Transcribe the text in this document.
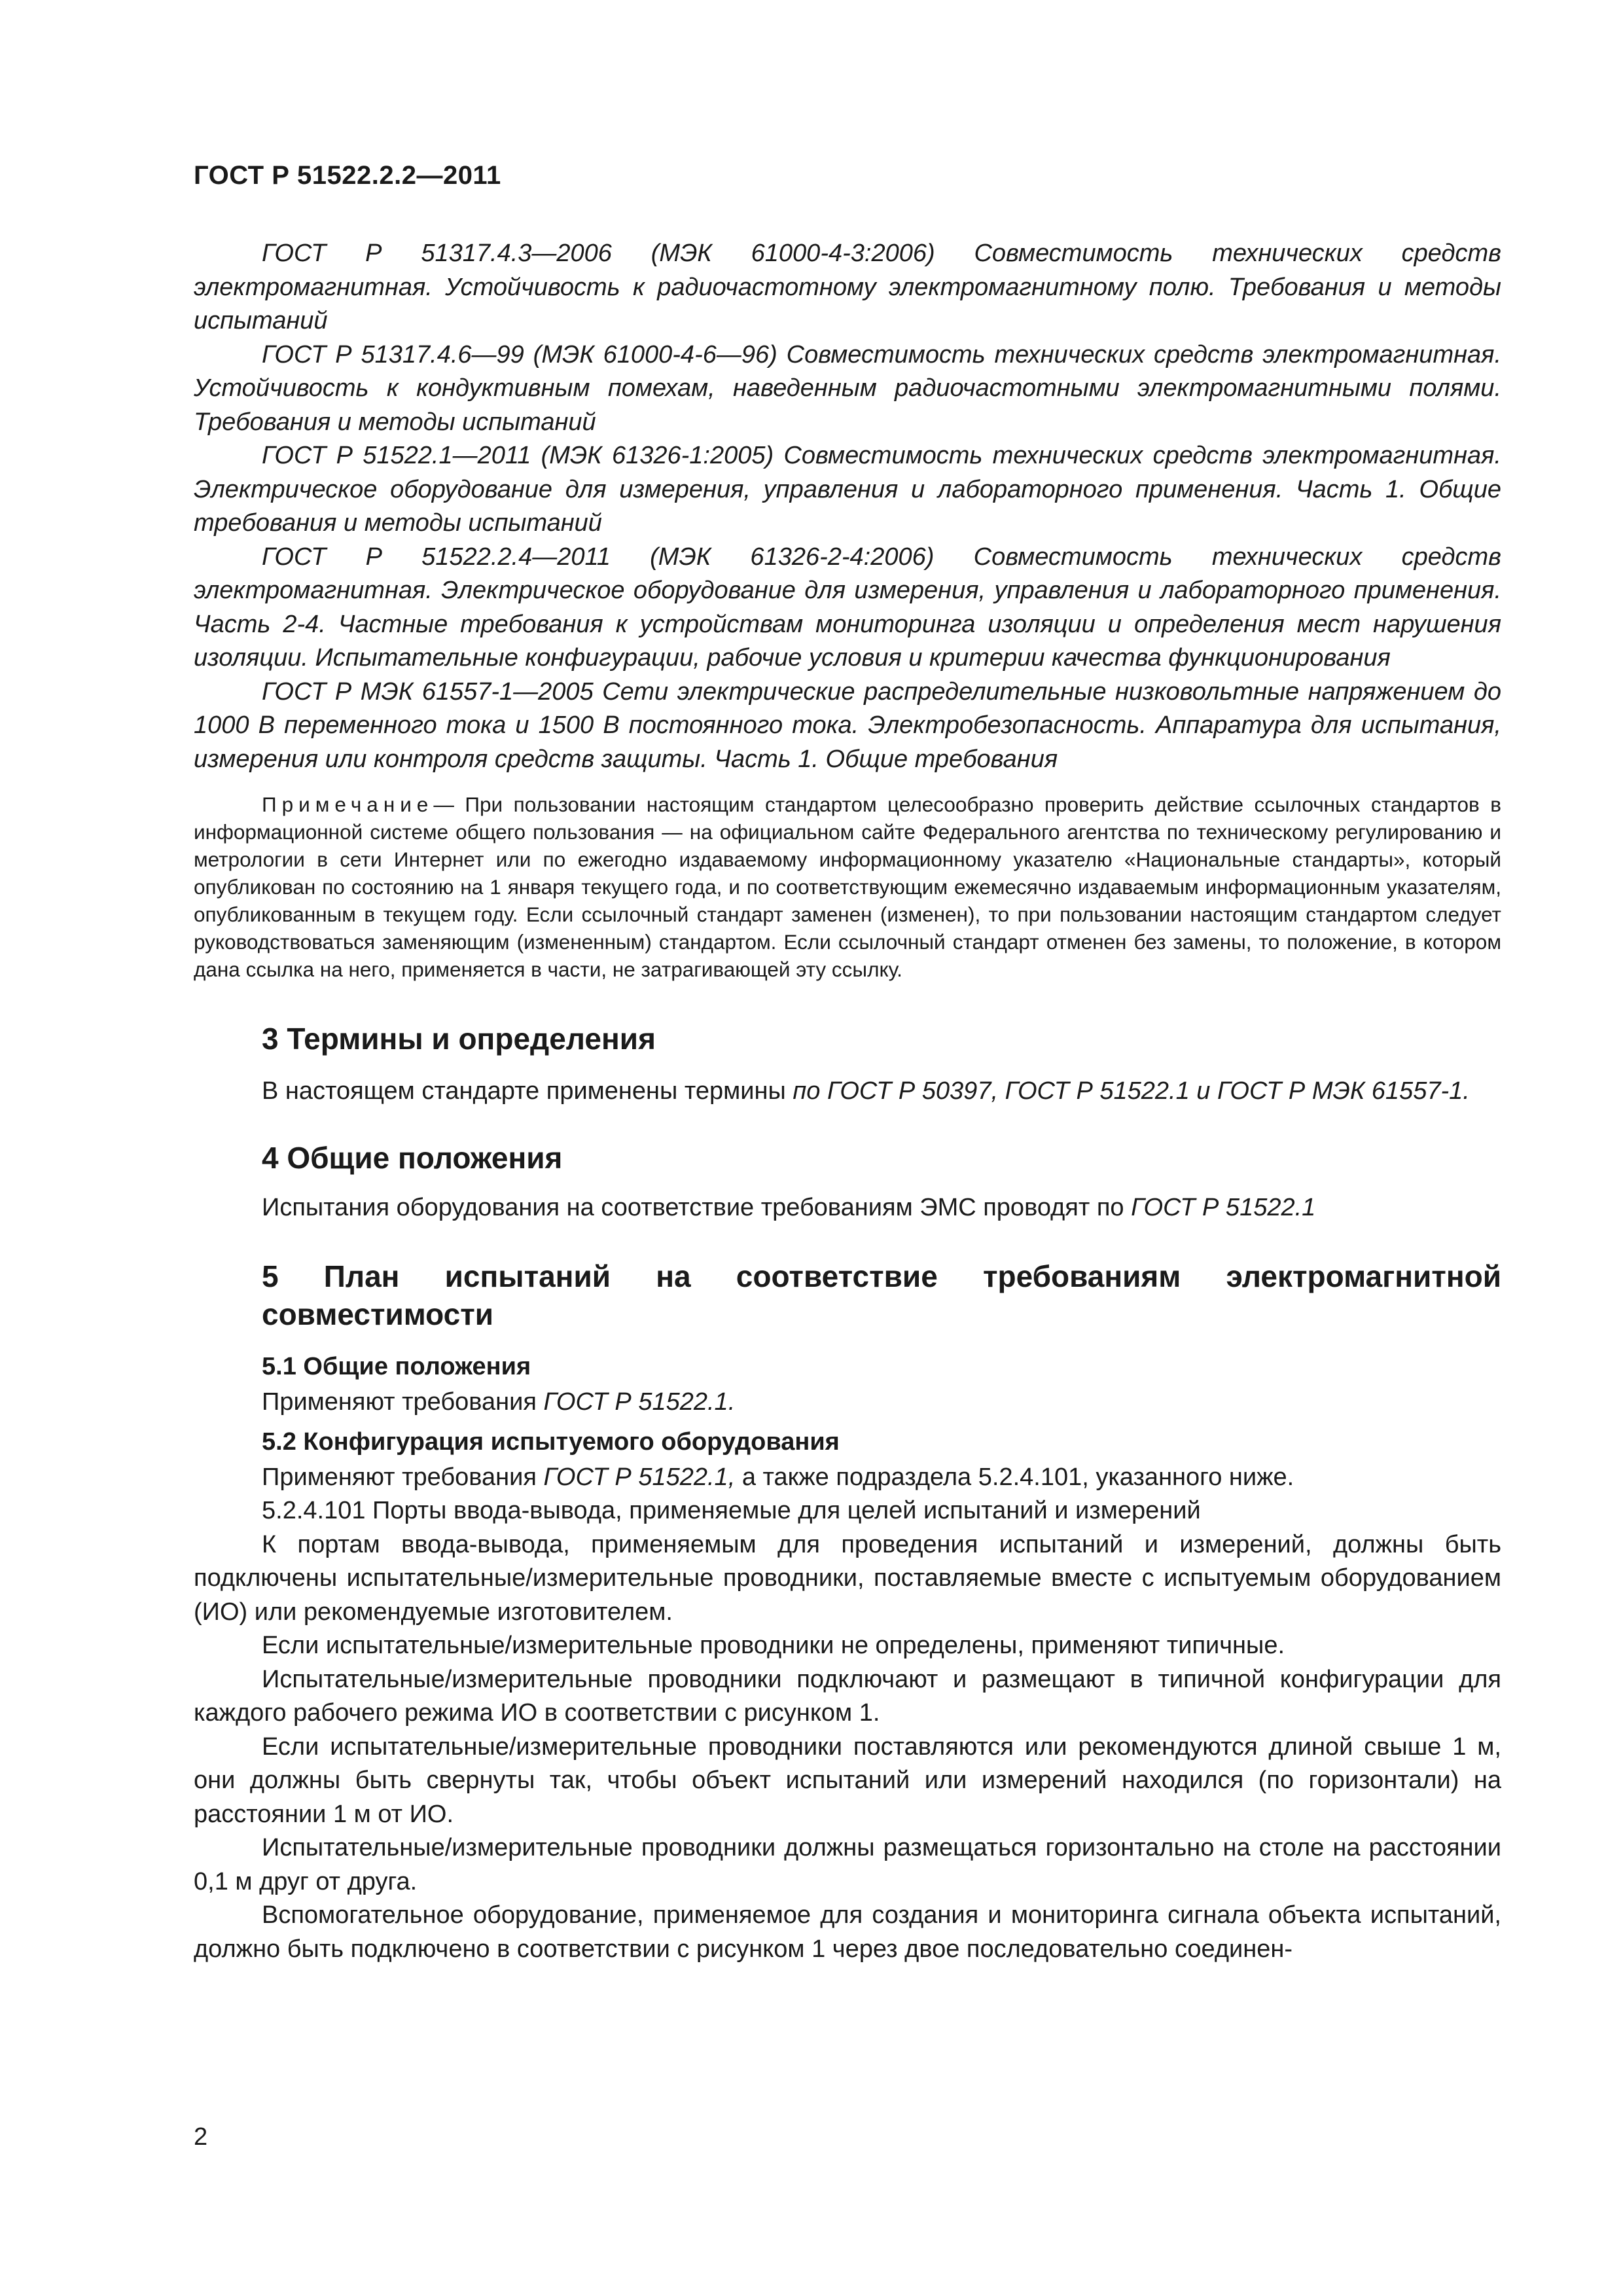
ГОСТ Р 51522.2.2—2011

ГОСТ Р 51317.4.3—2006 (МЭК 61000-4-3:2006) Совместимость технических средств электромагнитная. Устойчивость к радиочастотному электромагнитному полю. Требования и методы испытаний

ГОСТ Р 51317.4.6—99 (МЭК 61000-4-6—96) Совместимость технических средств электромагнитная. Устойчивость к кондуктивным помехам, наведенным радиочастотными электромагнитными полями. Требования и методы испытаний

ГОСТ Р 51522.1—2011 (МЭК 61326-1:2005) Совместимость технических средств электромагнитная. Электрическое оборудование для измерения, управления и лабораторного применения. Часть 1. Общие требования и методы испытаний

ГОСТ Р 51522.2.4—2011 (МЭК 61326-2-4:2006) Совместимость технических средств электромагнитная. Электрическое оборудование для измерения, управления и лабораторного применения. Часть 2-4. Частные требования к устройствам мониторинга изоляции и определения мест нарушения изоляции. Испытательные конфигурации, рабочие условия и критерии качества функционирования

ГОСТ Р МЭК 61557-1—2005 Сети электрические распределительные низковольтные напряжением до 1000 В переменного тока и 1500 В постоянного тока. Электробезопасность. Аппаратура для испытания, измерения или контроля средств защиты. Часть 1. Общие требования

Примечание— При пользовании настоящим стандартом целесообразно проверить действие ссылочных стандартов в информационной системе общего пользования — на официальном сайте Федерального агентства по техническому регулированию и метрологии в сети Интернет или по ежегодно издаваемому информационному указателю «Национальные стандарты», который опубликован по состоянию на 1 января текущего года, и по соответствующим ежемесячно издаваемым информационным указателям, опубликованным в текущем году. Если ссылочный стандарт заменен (изменен), то при пользовании настоящим стандартом следует руководствоваться заменяющим (измененным) стандартом. Если ссылочный стандарт отменен без замены, то положение, в котором дана ссылка на него, применяется в части, не затрагивающей эту ссылку.
3 Термины и определения

В настоящем стандарте применены термины по ГОСТ Р 50397, ГОСТ Р 51522.1 и ГОСТ Р МЭК 61557-1.

4 Общие положения

Испытания оборудования на соответствие требованиям ЭМС проводят по ГОСТ Р 51522.1

5 План испытаний на соответствие требованиям электромагнитной совместимости
5.1 Общие положения

Применяют требования ГОСТ Р 51522.1.

5.2 Конфигурация испытуемого оборудования

Применяют требования ГОСТ Р 51522.1, а также подраздела 5.2.4.101, указанного ниже.

5.2.4.101 Порты ввода-вывода, применяемые для целей испытаний и измерений

К портам ввода-вывода, применяемым для проведения испытаний и измерений, должны быть подключены испытательные/измерительные проводники, поставляемые вместе с испытуемым оборудованием (ИО) или рекомендуемые изготовителем.

Если испытательные/измерительные проводники не определены, применяют типичные.

Испытательные/измерительные проводники подключают и размещают в типичной конфигурации для каждого рабочего режима ИО в соответствии с рисунком 1.

Если испытательные/измерительные проводники поставляются или рекомендуются длиной свыше 1 м, они должны быть свернуты так, чтобы объект испытаний или измерений находился (по горизонтали) на расстоянии 1 м от ИО.

Испытательные/измерительные проводники должны размещаться горизонтально на столе на расстоянии 0,1 м друг от друга.

Вспомогательное оборудование, применяемое для создания и мониторинга сигнала объекта испытаний, должно быть подключено в соответствии с рисунком 1 через двое последовательно соединен-

2
